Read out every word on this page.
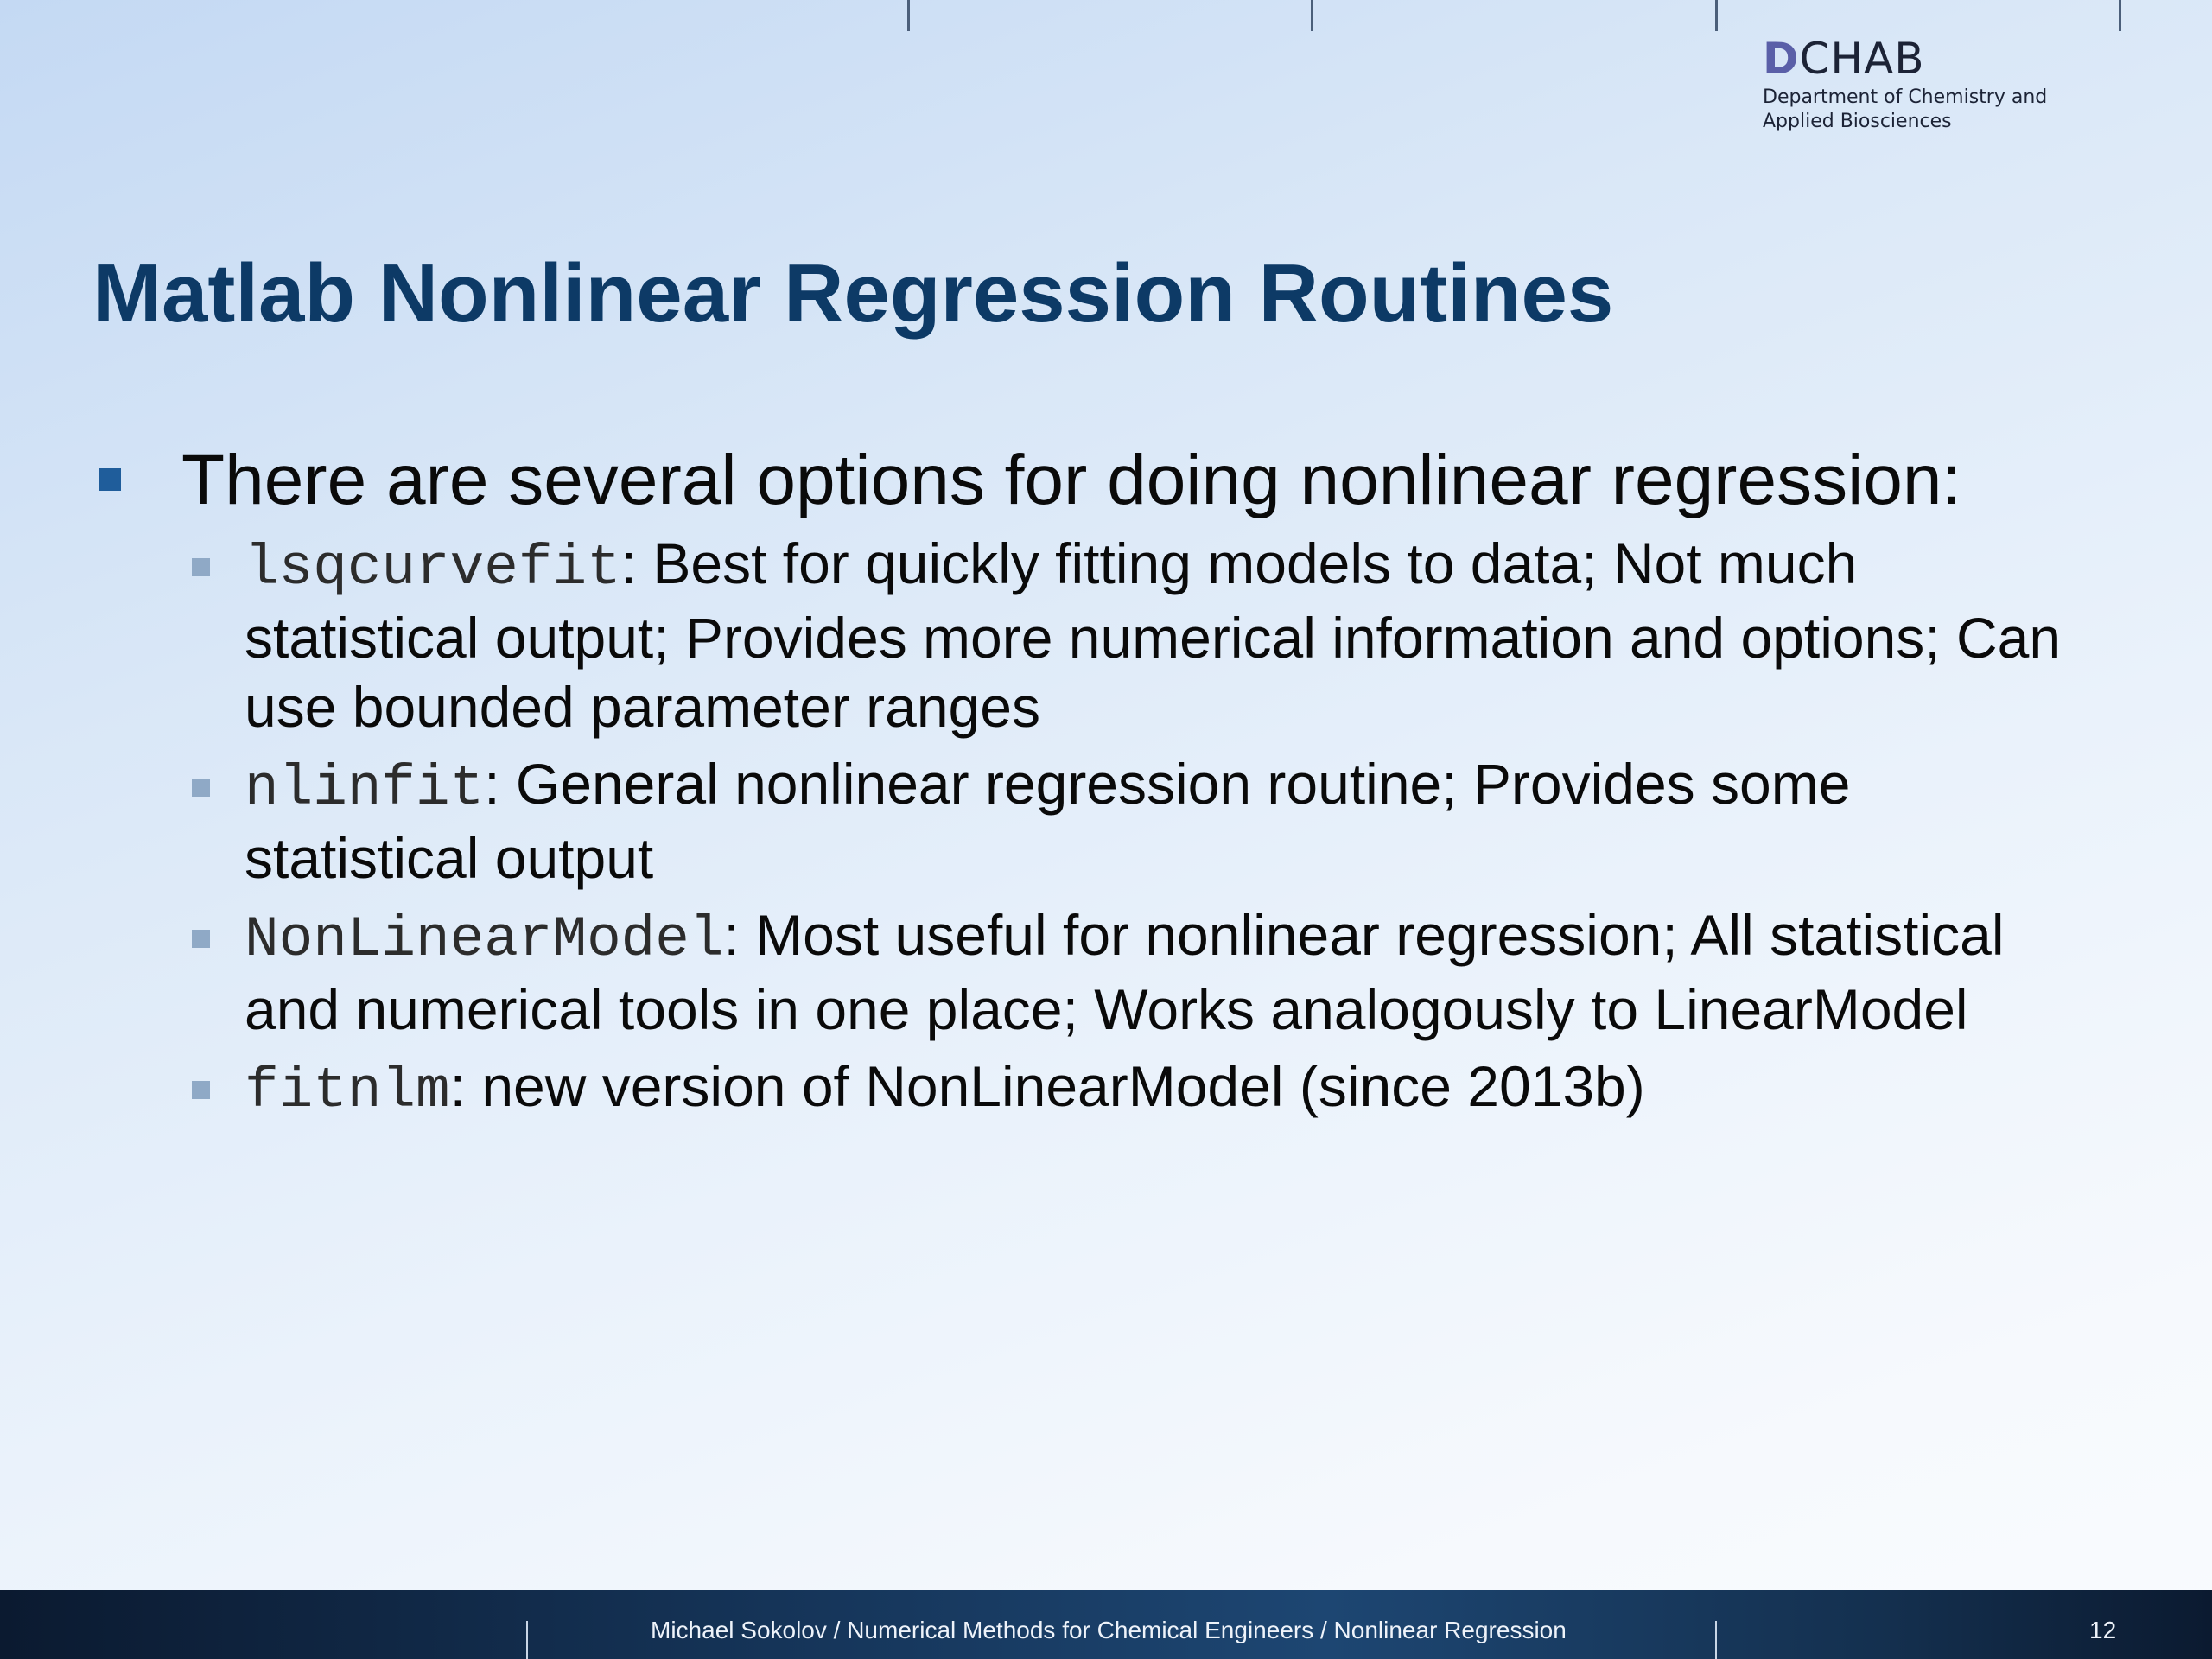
DCHAB
Department of Chemistry and
Applied Biosciences
Matlab Nonlinear Regression Routines
There are several options for doing nonlinear regression:
lsqcurvefit: Best for quickly fitting models to data; Not much statistical output; Provides more numerical information and options; Can use bounded parameter ranges
nlinfit: General nonlinear regression routine; Provides some statistical output
NonLinearModel: Most useful for nonlinear regression; All statistical and numerical tools in one place; Works analogously to LinearModel
fitnlm: new version of NonLinearModel (since 2013b)
Michael Sokolov / Numerical Methods for Chemical Engineers / Nonlinear Regression	12
